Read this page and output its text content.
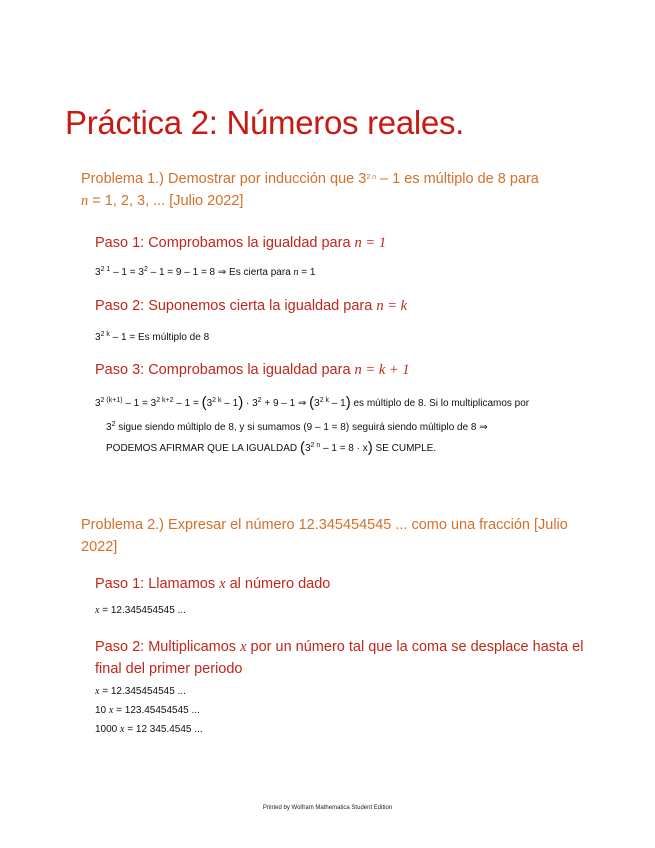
Práctica 2: Números reales.
Problema 1.) Demostrar por inducción que $3^{2 n} - 1$ es múltiplo de 8 para
n = 1, 2, 3, ... [Julio 2022]
Paso 1: Comprobamos la igualdad para n = 1
$3^{2 1} - 1 = 3^2 - 1 = 9 - 1 = 8$ ⇒ Es cierta para n = 1
Paso 2: Suponemos cierta la igualdad para n = k
$3^{2 k} - 1 = Es$ múltiplo de 8
Paso 3: Comprobamos la igualdad para n = k + 1
$3^{2 (k+1)} - 1 = 3^{2 k+2} - 1 = (3^{2 k} - 1) \cdot 3^2 + 9 - 1$ ⇒ $(3^{2 k} - 1)$ es múltiplo de 8. Si lo multiplicamos por
$3^2$ sigue siendo múltiplo de 8, y si sumamos (9 – 1 = 8) seguirá siendo múltiplo de 8 ⇒
PODEMOS AFIRMAR QUE LA IGUALDAD $(3^{2 n} - 1 = 8 \cdot x)$ SE CUMPLE.
Problema 2.) Expresar el número 12.345454545 ... como una fracción [Julio 2022]
Paso 1: Llamamos x al número dado
x = 12.345454545 ...
Paso 2: Multiplicamos x por un número tal que la coma se desplace hasta el final del primer periodo
x = 12.345454545 ...
10 x = 123.45454545 ...
1000 x = 12 345.4545 ...
Printed by Wolfram Mathematica Student Edition
